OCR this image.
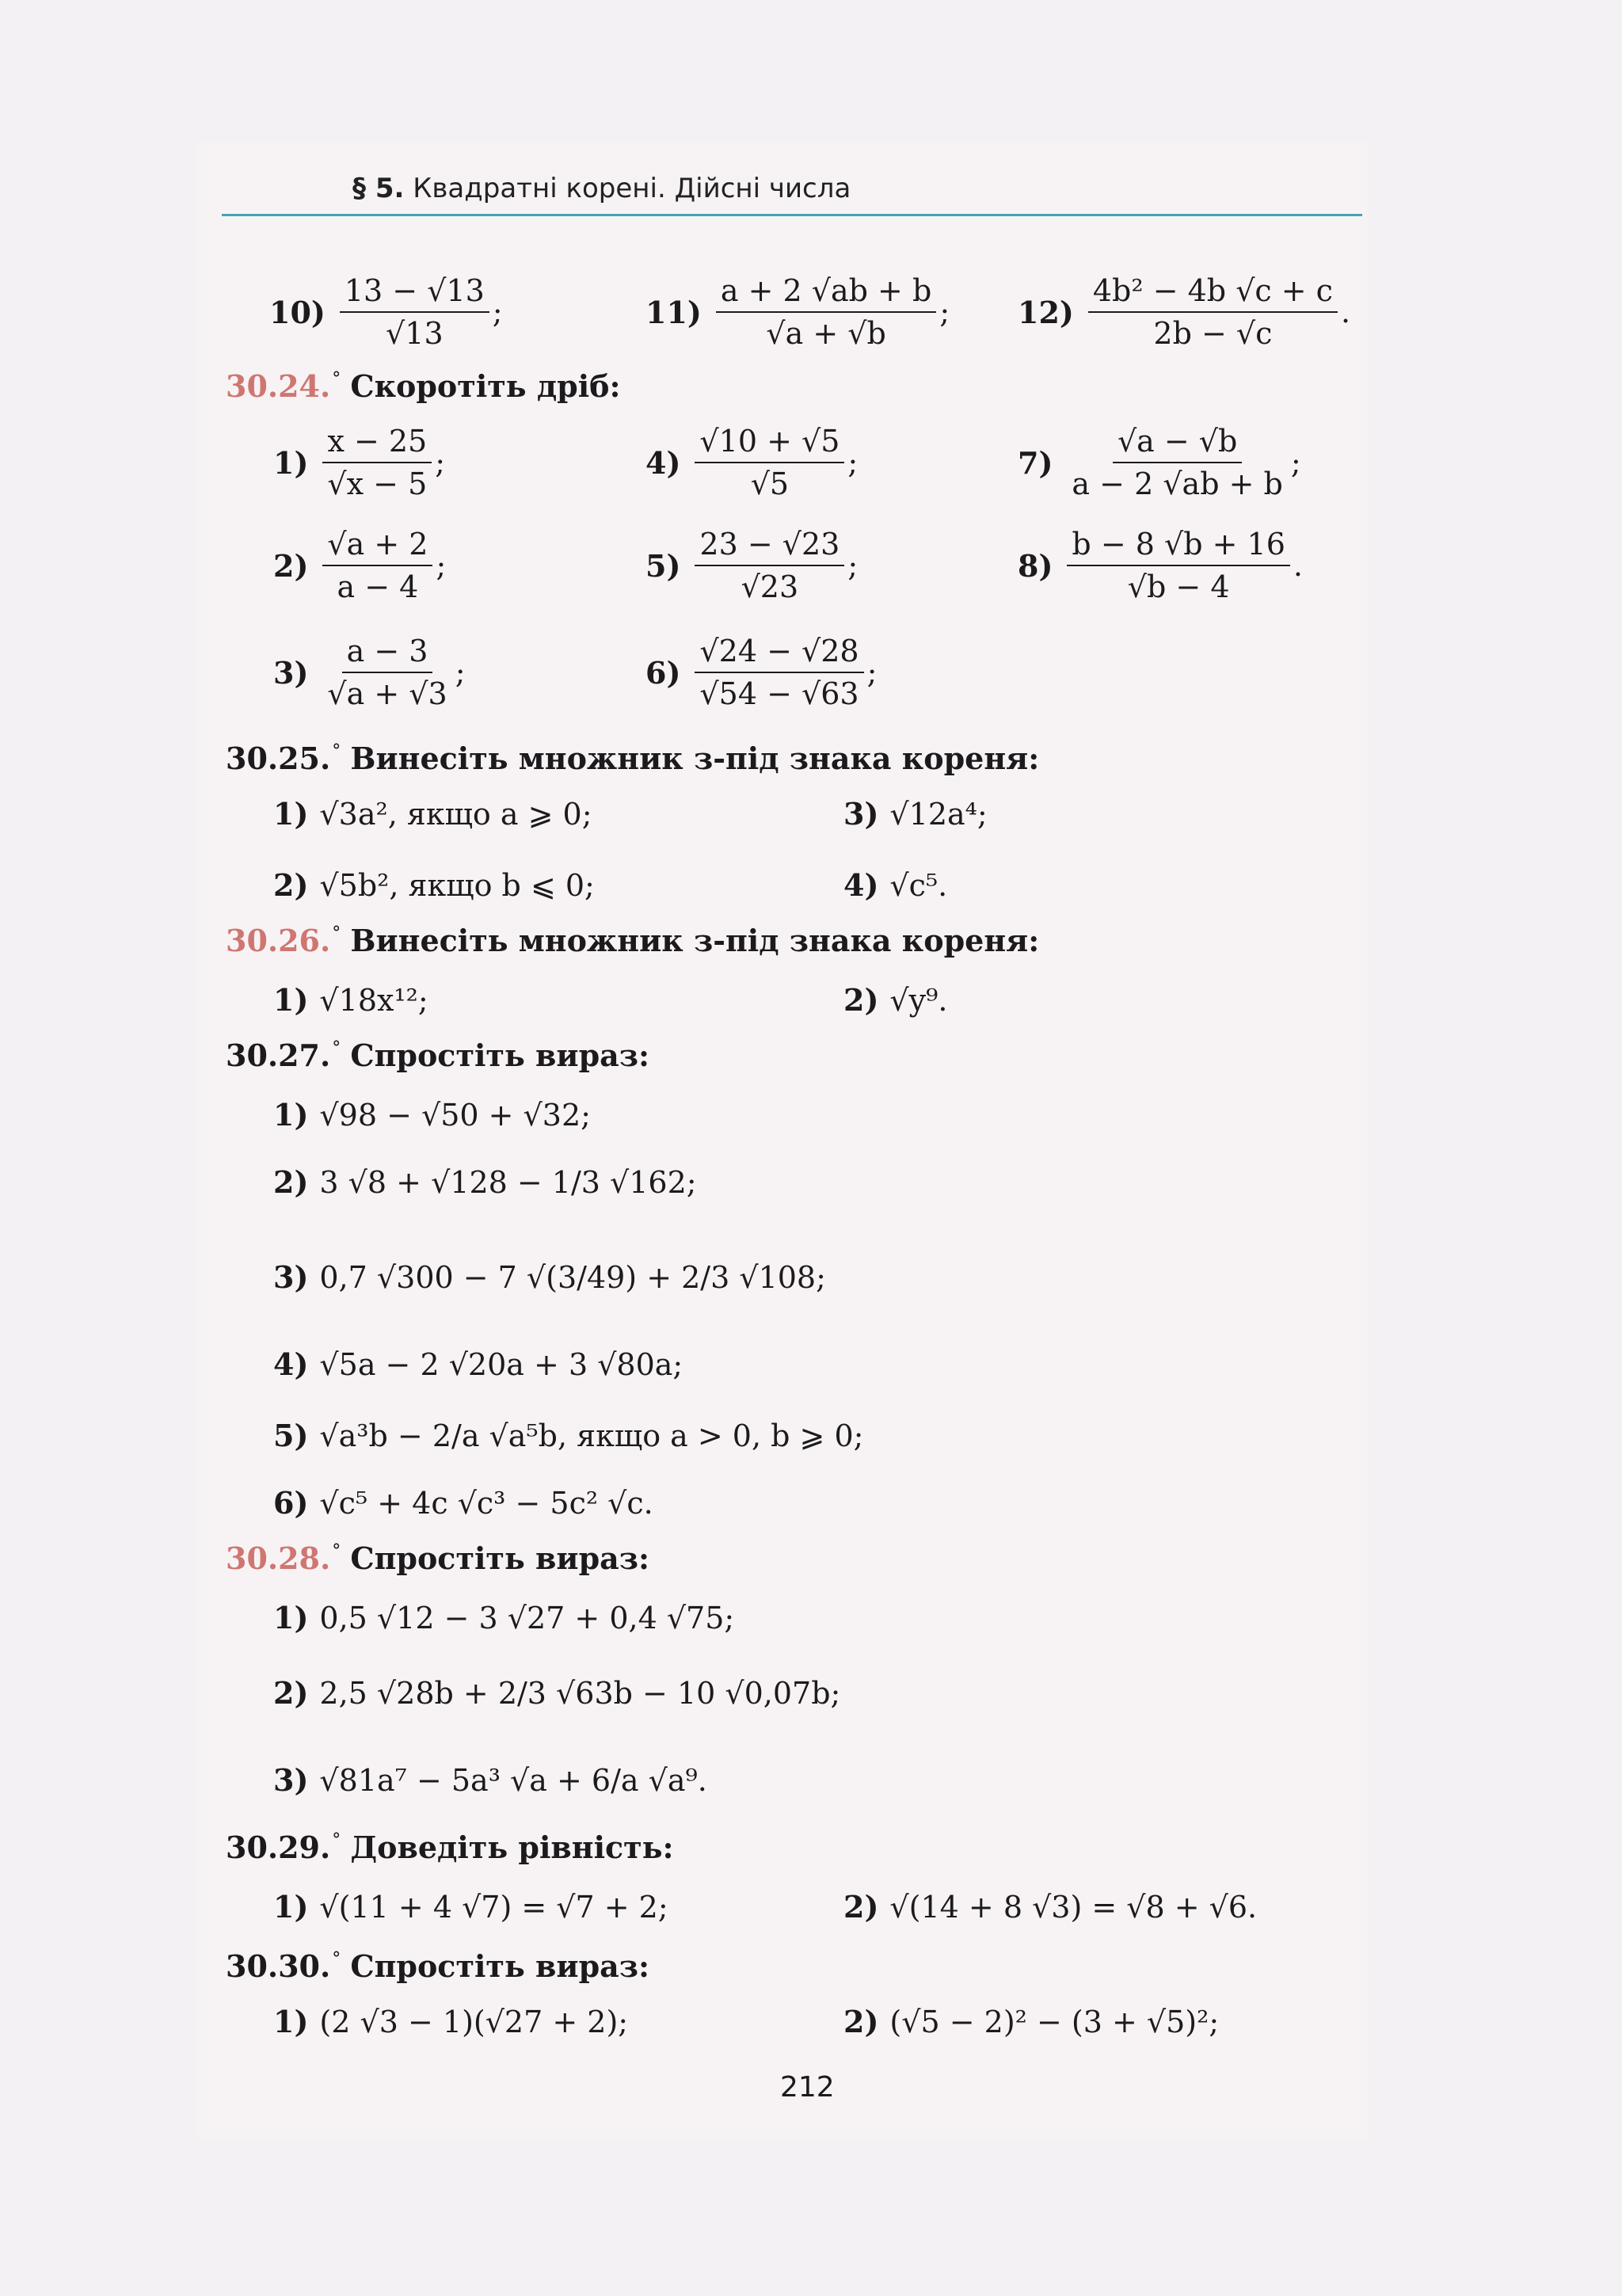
§ 5. Квадратні корені. Дійсні числа
$10) \frac{13 - √13}{√13}$ ;	$11) \frac{a + 2 √ab + b}{√a + √b}$ ; $12) \frac{\text{4b² − 4b √c + c}}{2b - √c}$ .
30.24.° Скоротіть дріб:
$1) \frac{x - 25}{√x - 5}$ ;
$2) \frac{√a + 2}{a - 4}$ ;
$3) \frac{a - 3}{√a + √3}$ ;
$4) \frac{√10 + √5}{√5}$ ;
$5) \frac{23 - √23}{√23}$ ;
$6) \frac{√24 - √28}{√54 - √63}$ ;
$7) \frac{√a - √b}{a - 2 √ab + b}$ ;
$8) \frac{b - 8 √b + 16}{√b - 4}$ .
30.25.° Винесіть множник з-під знака кореня:
1) √3a², якщо a ⩾ 0;
2) √5b², якщо b ⩽ 0;
3) √12a⁴;
4) √c⁵.
30.26.° Винесіть множник з-під знака кореня:
1) √18x¹²;	2) √y⁹.
30.27.° Спростіть вираз:
1) √98 − √50 + √32;
2) 3 √8 + √128 − 1/3 √162;
3) 0,7 √300 − 7 √(3/49) + 2/3 √108;
4) √5a − 2 √20a + 3 √80a;
5) √a³b − 2/a √a⁵b, якщо a > 0, b ⩾ 0;
6) √c⁵ + 4c √c³ − 5c² √c.
30.28.° Спростіть вираз:
1) 0,5 √12 − 3 √27 + 0,4 √75;
2) 2,5 √28b + 2/3 √63b − 10 √0,07b;
3) √81a⁷ − 5a³ √a + 6/a √a⁹.
30.29.° Доведіть рівність:
1) √(11 + 4 √7) = √7 + 2;	2) √(14 + 8 √3) = √8 + √6.
30.30.° Спростіть вираз:
1) (2 √3 − 1)(√27 + 2);	2) (√5 − 2)² − (3 + √5)²;
212
